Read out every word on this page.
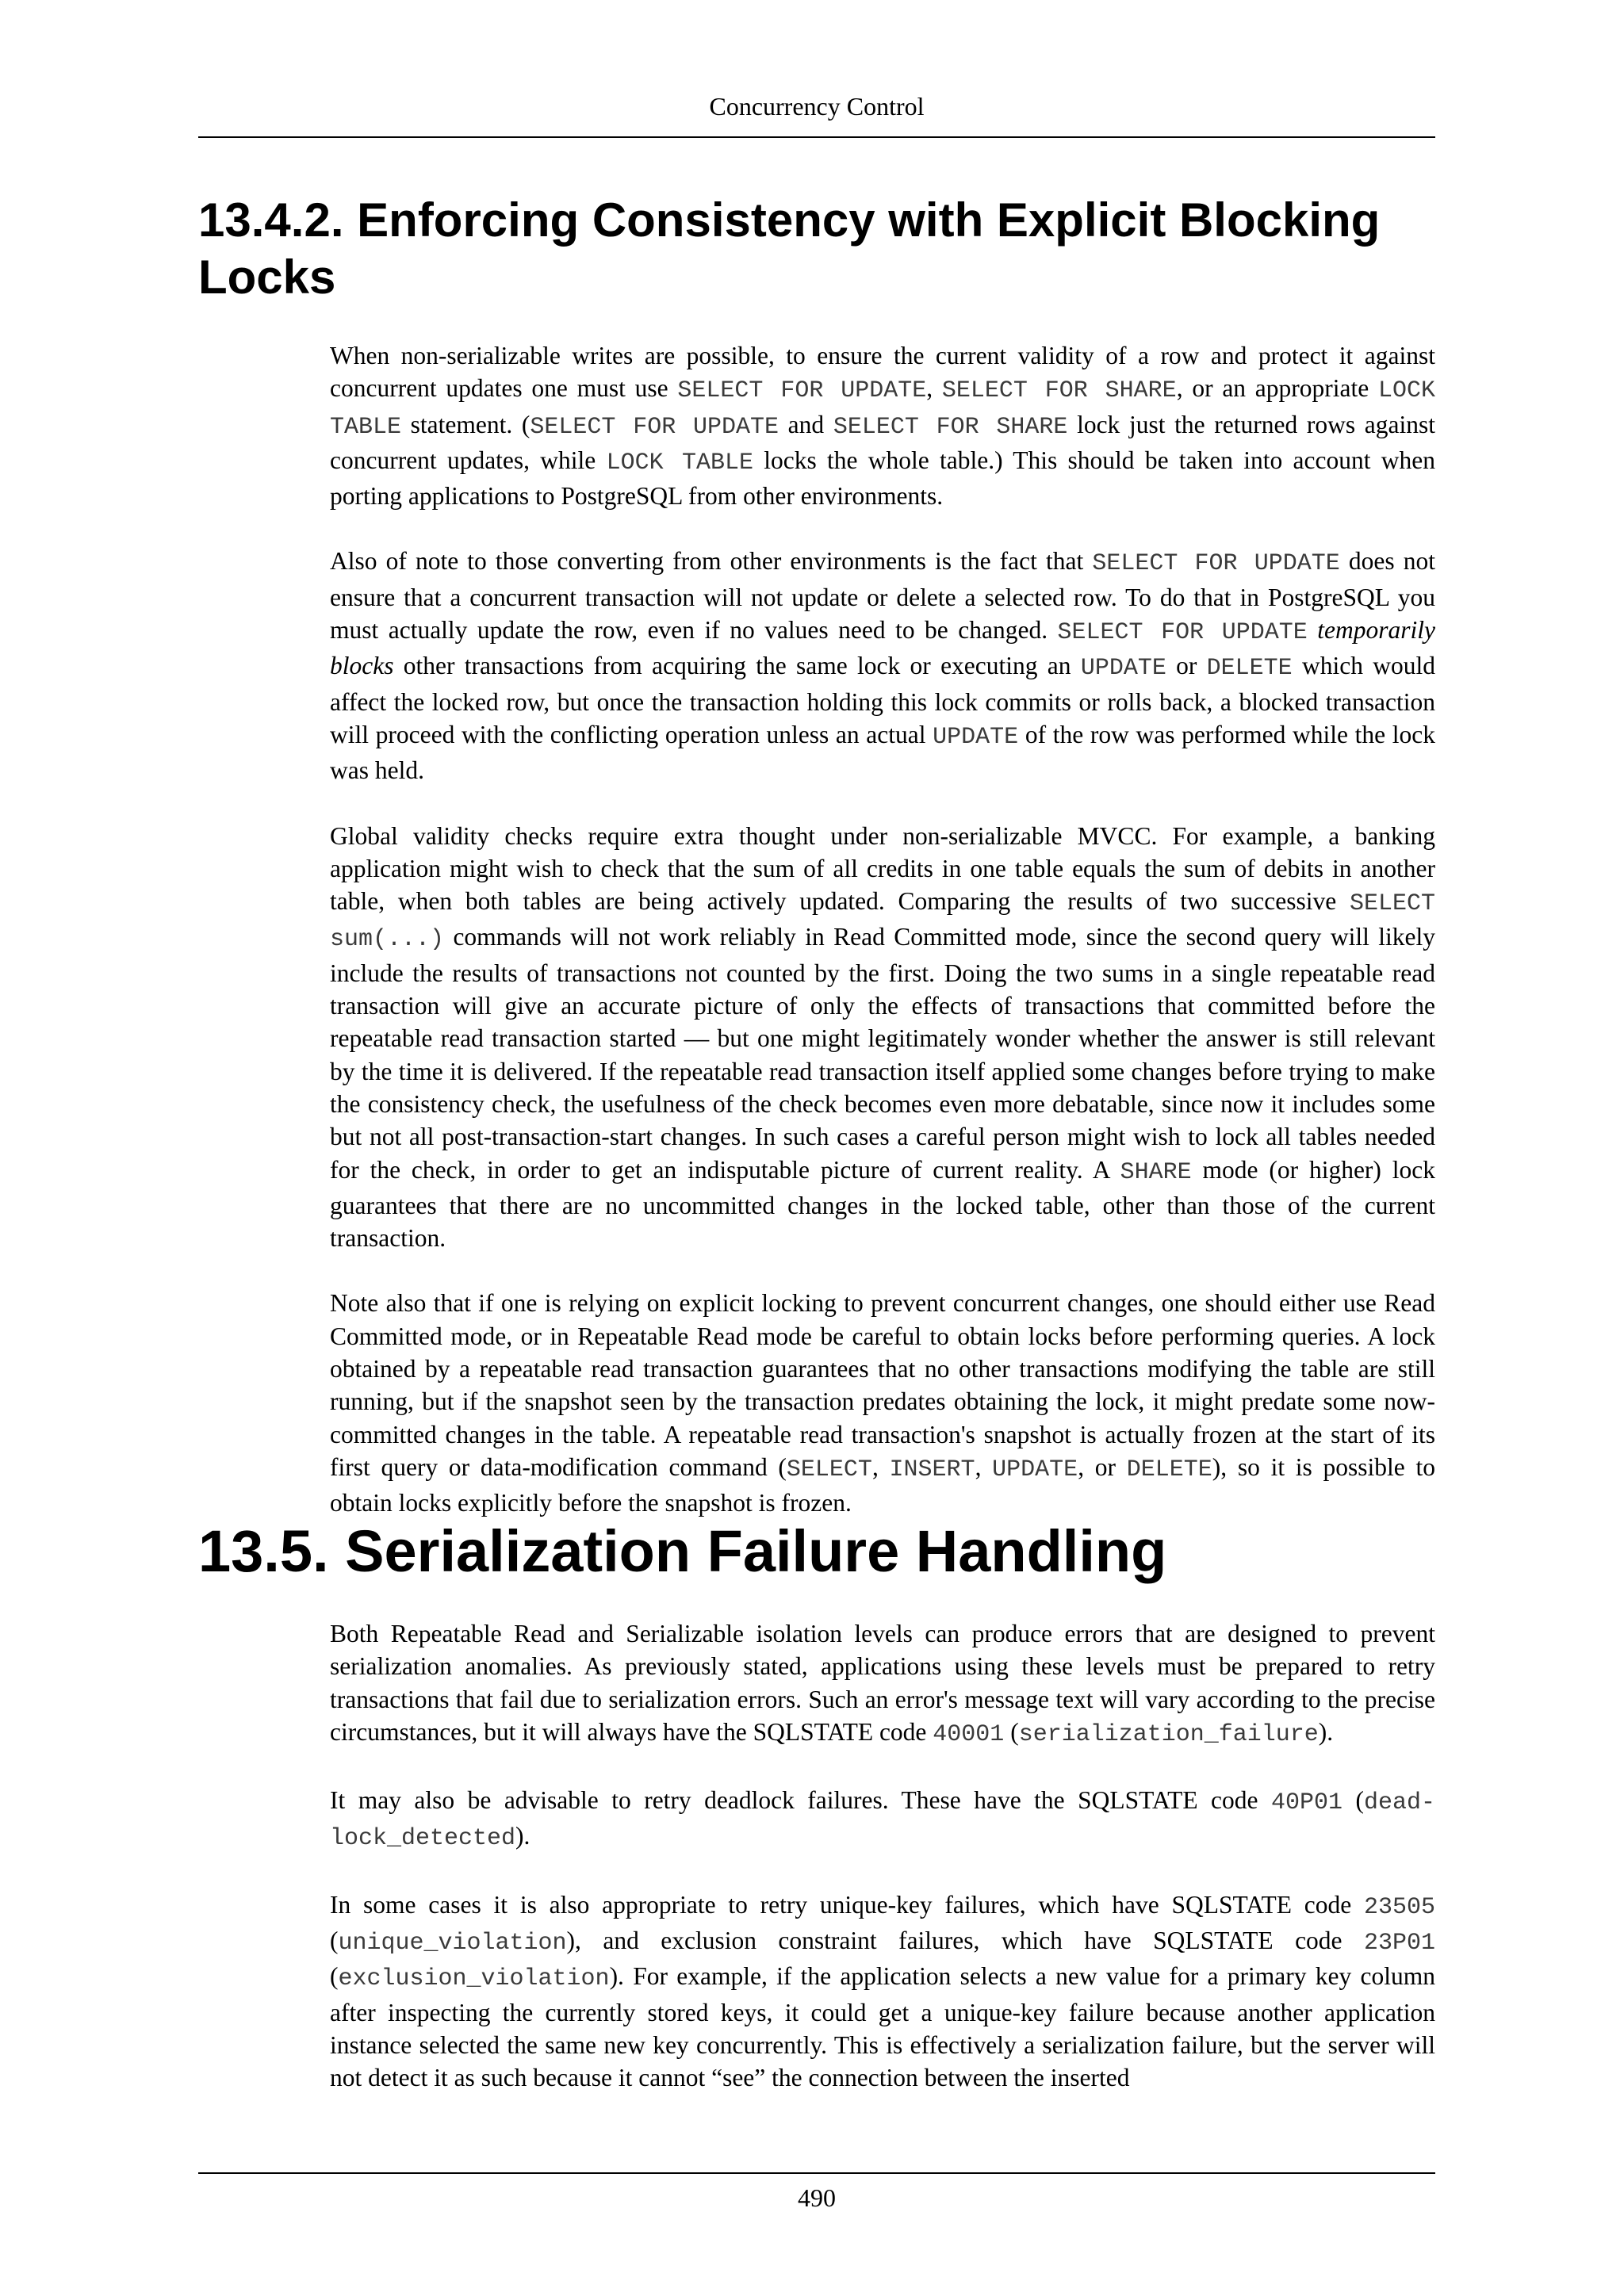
Concurrency Control
13.4.2. Enforcing Consistency with Explicit Blocking Locks

When non-serializable writes are possible, to ensure the current validity of a row and protect it against concurrent updates one must use SELECT FOR UPDATE, SELECT FOR SHARE, or an appropriate LOCK TABLE statement. (SELECT FOR UPDATE and SELECT FOR SHARE lock just the returned rows against concurrent updates, while LOCK TABLE locks the whole table.) This should be taken into account when porting applications to PostgreSQL from other environments.

Also of note to those converting from other environments is the fact that SELECT FOR UPDATE does not ensure that a concurrent transaction will not update or delete a selected row. To do that in PostgreSQL you must actually update the row, even if no values need to be changed. SELECT FOR UPDATE temporarily blocks other transactions from acquiring the same lock or executing an UPDATE or DELETE which would affect the locked row, but once the transaction holding this lock commits or rolls back, a blocked transaction will proceed with the conflicting operation unless an actual UPDATE of the row was performed while the lock was held.

Global validity checks require extra thought under non-serializable MVCC. For example, a banking application might wish to check that the sum of all credits in one table equals the sum of debits in another table, when both tables are being actively updated. Comparing the results of two successive SELECT sum(...) commands will not work reliably in Read Committed mode, since the second query will likely include the results of transactions not counted by the first. Doing the two sums in a single repeatable read transaction will give an accurate picture of only the effects of transactions that committed before the repeatable read transaction started — but one might legitimately wonder whether the answer is still relevant by the time it is delivered. If the repeatable read transaction itself applied some changes before trying to make the consistency check, the usefulness of the check becomes even more debatable, since now it includes some but not all post-transaction-start changes. In such cases a careful person might wish to lock all tables needed for the check, in order to get an indisputable picture of current reality. A SHARE mode (or higher) lock guarantees that there are no uncommitted changes in the locked table, other than those of the current transaction.

Note also that if one is relying on explicit locking to prevent concurrent changes, one should either use Read Committed mode, or in Repeatable Read mode be careful to obtain locks before performing queries. A lock obtained by a repeatable read transaction guarantees that no other transactions modifying the table are still running, but if the snapshot seen by the transaction predates obtaining the lock, it might predate some now-committed changes in the table. A repeatable read transaction's snapshot is actually frozen at the start of its first query or data-modification command (SELECT, INSERT, UPDATE, or DELETE), so it is possible to obtain locks explicitly before the snapshot is frozen.

13.5. Serialization Failure Handling

Both Repeatable Read and Serializable isolation levels can produce errors that are designed to prevent serialization anomalies. As previously stated, applications using these levels must be prepared to retry transactions that fail due to serialization errors. Such an error's message text will vary according to the precise circumstances, but it will always have the SQLSTATE code 40001 (serialization_failure).

It may also be advisable to retry deadlock failures. These have the SQLSTATE code 40P01 (deadlock_detected).

In some cases it is also appropriate to retry unique-key failures, which have SQLSTATE code 23505 (unique_violation), and exclusion constraint failures, which have SQLSTATE code 23P01 (exclusion_violation). For example, if the application selects a new value for a primary key column after inspecting the currently stored keys, it could get a unique-key failure because another application instance selected the same new key concurrently. This is effectively a serialization failure, but the server will not detect it as such because it cannot “see” the connection between the inserted

490
